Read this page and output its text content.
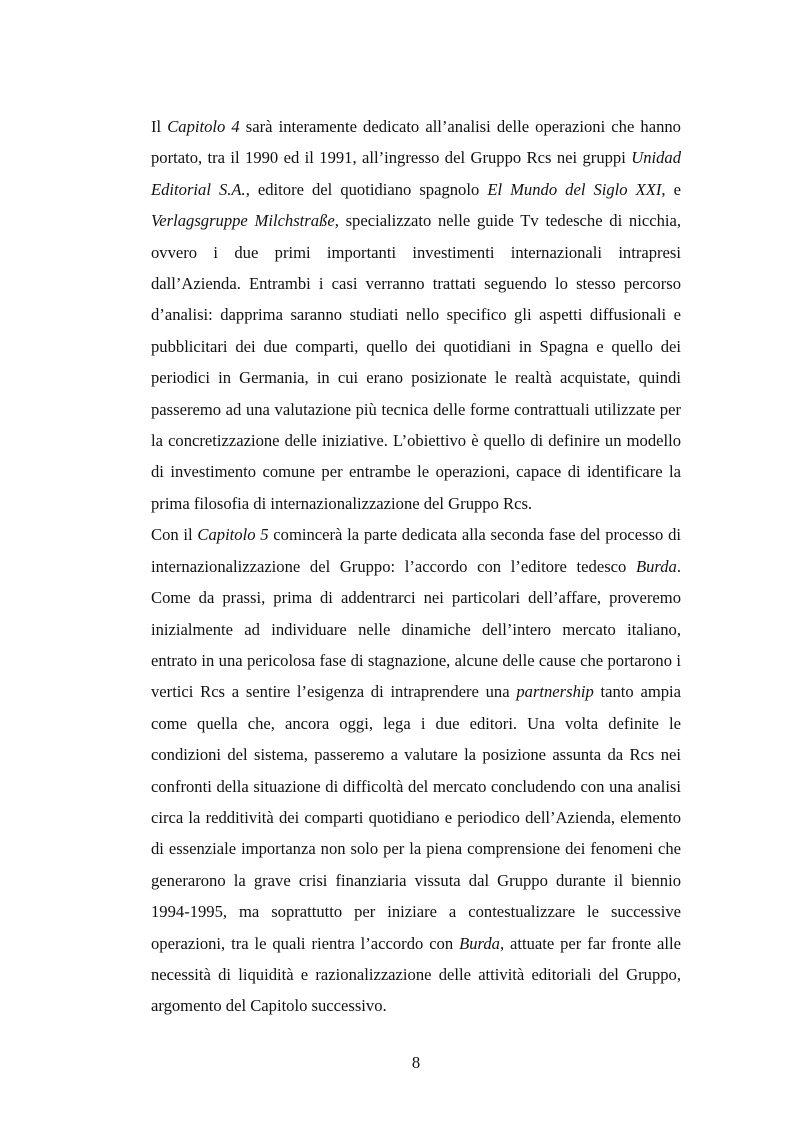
Il Capitolo 4 sarà interamente dedicato all’analisi delle operazioni che hanno portato, tra il 1990 ed il 1991, all’ingresso del Gruppo Rcs nei gruppi Unidad Editorial S.A., editore del quotidiano spagnolo El Mundo del Siglo XXI, e Verlagsgruppe Milchstraße, specializzato nelle guide Tv tedesche di nicchia, ovvero i due primi importanti investimenti internazionali intrapresi dall’Azienda. Entrambi i casi verranno trattati seguendo lo stesso percorso d’analisi: dapprima saranno studiati nello specifico gli aspetti diffusionali e pubblicitari dei due comparti, quello dei quotidiani in Spagna e quello dei periodici in Germania, in cui erano posizionate le realtà acquistate, quindi passeremo ad una valutazione più tecnica delle forme contrattuali utilizzate per la concretizzazione delle iniziative. L’obiettivo è quello di definire un modello di investimento comune per entrambe le operazioni, capace di identificare la prima filosofia di internazionalizzazione del Gruppo Rcs.

Con il Capitolo 5 comincerà la parte dedicata alla seconda fase del processo di internazionalizzazione del Gruppo: l’accordo con l’editore tedesco Burda. Come da prassi, prima di addentrarci nei particolari dell’affare, proveremo inizialmente ad individuare nelle dinamiche dell’intero mercato italiano, entrato in una pericolosa fase di stagnazione, alcune delle cause che portarono i vertici Rcs a sentire l’esigenza di intraprendere una partnership tanto ampia come quella che, ancora oggi, lega i due editori. Una volta definite le condizioni del sistema, passeremo a valutare la posizione assunta da Rcs nei confronti della situazione di difficoltà del mercato concludendo con una analisi circa la redditività dei comparti quotidiano e periodico dell’Azienda, elemento di essenziale importanza non solo per la piena comprensione dei fenomeni che generarono la grave crisi finanziaria vissuta dal Gruppo durante il biennio 1994-1995, ma soprattutto per iniziare a contestualizzare le successive operazioni, tra le quali rientra l’accordo con Burda, attuate per far fronte alle necessità di liquidità e razionalizzazione delle attività editoriali del Gruppo, argomento del Capitolo successivo.

8
